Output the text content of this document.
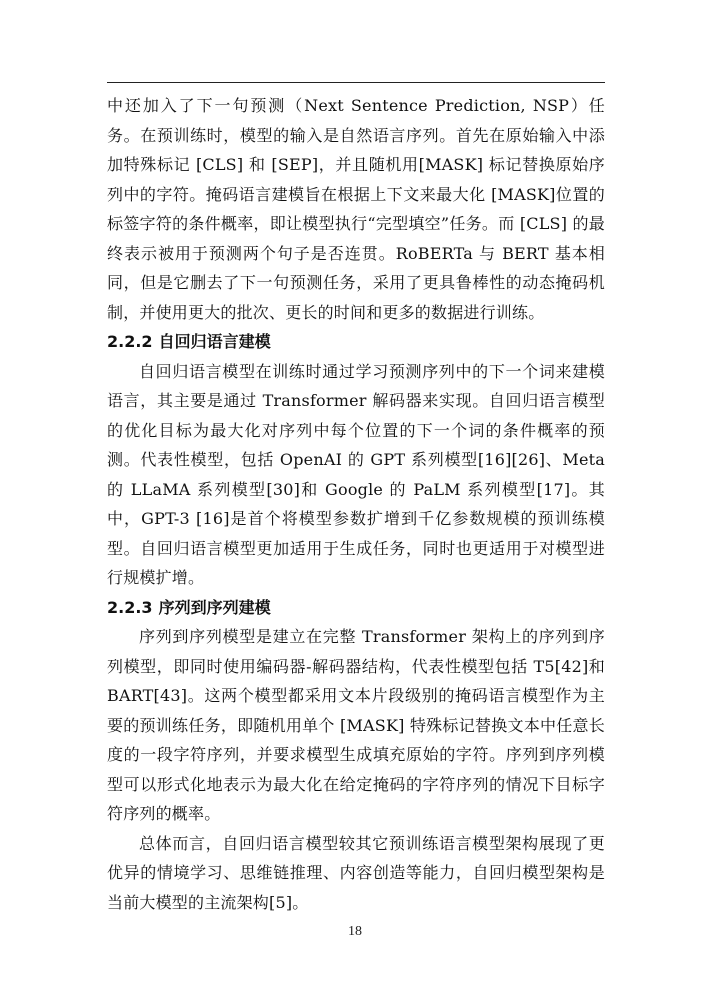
中还加入了下一句预测（Next Sentence Prediction, NSP）任务。在预训练时，模型的输入是自然语言序列。首先在原始输入中添加特殊标记 [CLS] 和 [SEP]，并且随机用[MASK] 标记替换原始序列中的字符。掩码语言建模旨在根据上下文来最大化 [MASK]位置的标签字符的条件概率，即让模型执行“完型填空”任务。而 [CLS] 的最终表示被用于预测两个句子是否连贯。RoBERTa 与 BERT 基本相同，但是它删去了下一句预测任务，采用了更具鲁棒性的动态掩码机制，并使用更大的批次、更长的时间和更多的数据进行训练。

2.2.2 自回归语言建模

自回归语言模型在训练时通过学习预测序列中的下一个词来建模语言，其主要是通过 Transformer 解码器来实现。自回归语言模型的优化目标为最大化对序列中每个位置的下一个词的条件概率的预测。代表性模型，包括 OpenAI 的 GPT 系列模型[16][26]、Meta 的 LLaMA 系列模型[30]和 Google 的 PaLM 系列模型[17]。其中，GPT-3 [16]是首个将模型参数扩增到千亿参数规模的预训练模型。自回归语言模型更加适用于生成任务，同时也更适用于对模型进行规模扩增。

2.2.3 序列到序列建模

序列到序列模型是建立在完整 Transformer 架构上的序列到序列模型，即同时使用编码器-解码器结构，代表性模型包括 T5[42]和 BART[43]。这两个模型都采用文本片段级别的掩码语言模型作为主要的预训练任务，即随机用单个 [MASK] 特殊标记替换文本中任意长度的一段字符序列，并要求模型生成填充原始的字符。序列到序列模型可以形式化地表示为最大化在给定掩码的字符序列的情况下目标字符序列的概率。

总体而言，自回归语言模型较其它预训练语言模型架构展现了更优异的情境学习、思维链推理、内容创造等能力，自回归模型架构是当前大模型的主流架构[5]。

18
